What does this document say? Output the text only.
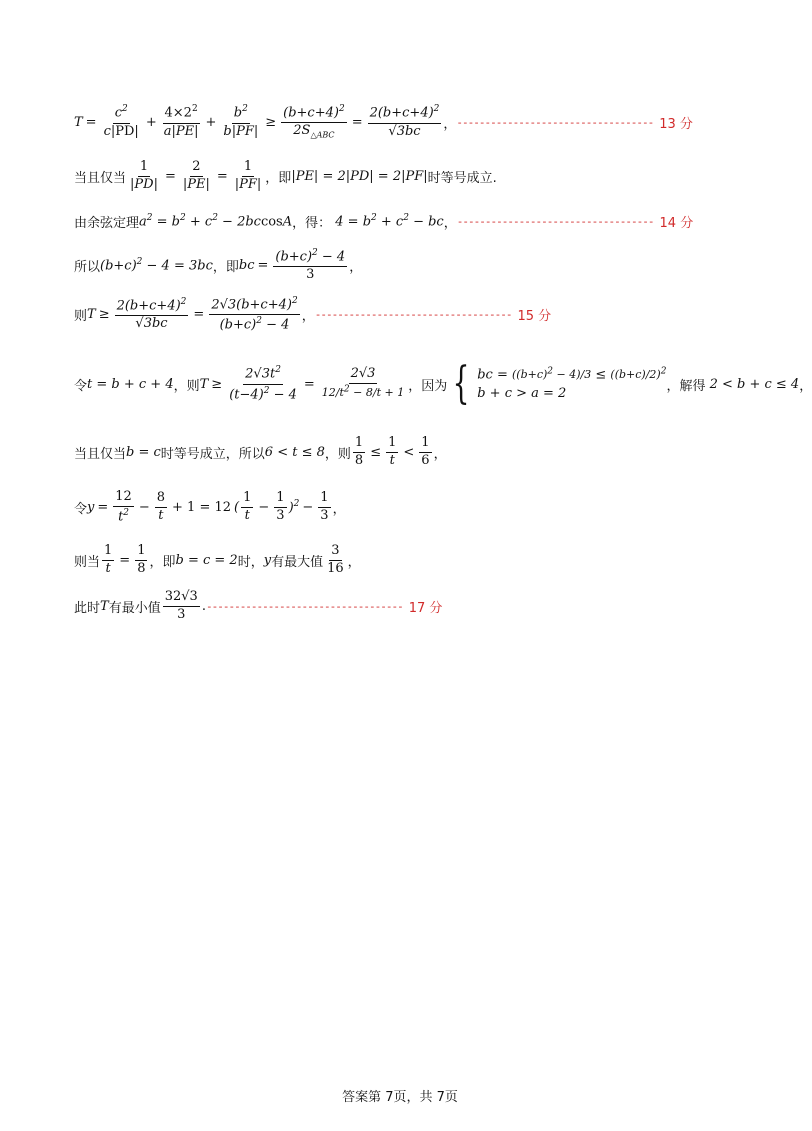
$T = \frac{c^2}{c|PD|} + \frac{4\times 2^2}{a|PE|} + \frac{b^2}{b|PF|} \ge \frac{(b+c+4)^2}{2S_{\triangle ABC}} = \frac{2(b+c+4)^2}{√3bc}$ ， ----------------------------------- 13 分
当且仅当 $\frac{1}{|PD|} = \frac{2}{|PE|} = \frac{1}{|PF|}$ ，即 |PE| = 2|PD| = 2|PF| 时等号成立.
由余弦定理 $a^2 = b^2 + c^2 - 2bccosA$ ，得： $4 = b^2 + c^2$ − bc ， ----------------------------------- 14 分
所以 $(b+c)^2 - 4 = 3bc$ ，即 bc = $\frac{(b+c)^2 - 4}{3}$ ，
则 $T \ge \frac{2(b+c+4)^2}{√3bc} = \frac{2√3(b+c+4)^2}{(b+c)^2 - 4}$ ， ----------------------------------- 15 分
令 t = b + c + 4 ，则 $T \ge \frac{2√3t^2}{(t-4)^2 - 4} = \frac{2√3}{12/t^2 - 8/t + 1}$ ，因为 { bc = $((b+c)^2 - 4)/3 \le ((b+c)/2)^2$
b + c > a = 2
，解得 2 < b + c ≤ 4 ，
当且仅当 b = c 时等号成立，所以 6 < t ≤ 8 ，则 $\frac{1}{8} \le \frac{1}{t} < \frac{1}{6}$ ，
令 $y = \frac{12}{t^2} - \frac{8}{t} + 1 = 12$ ( $\frac{1}{t} - \frac{1}{3} )^2 - \frac{1}{3}$ ，
则当 $\frac{1}{t} = \frac{1}{8}$ ，即 b = c = 2 时， y 有最大值 $\frac{3}{16}$ ，
此时 T 有最小值 $\frac{32√3}{3}$ . ----------------------------------- 17 分
答案第 7页，共 7页
